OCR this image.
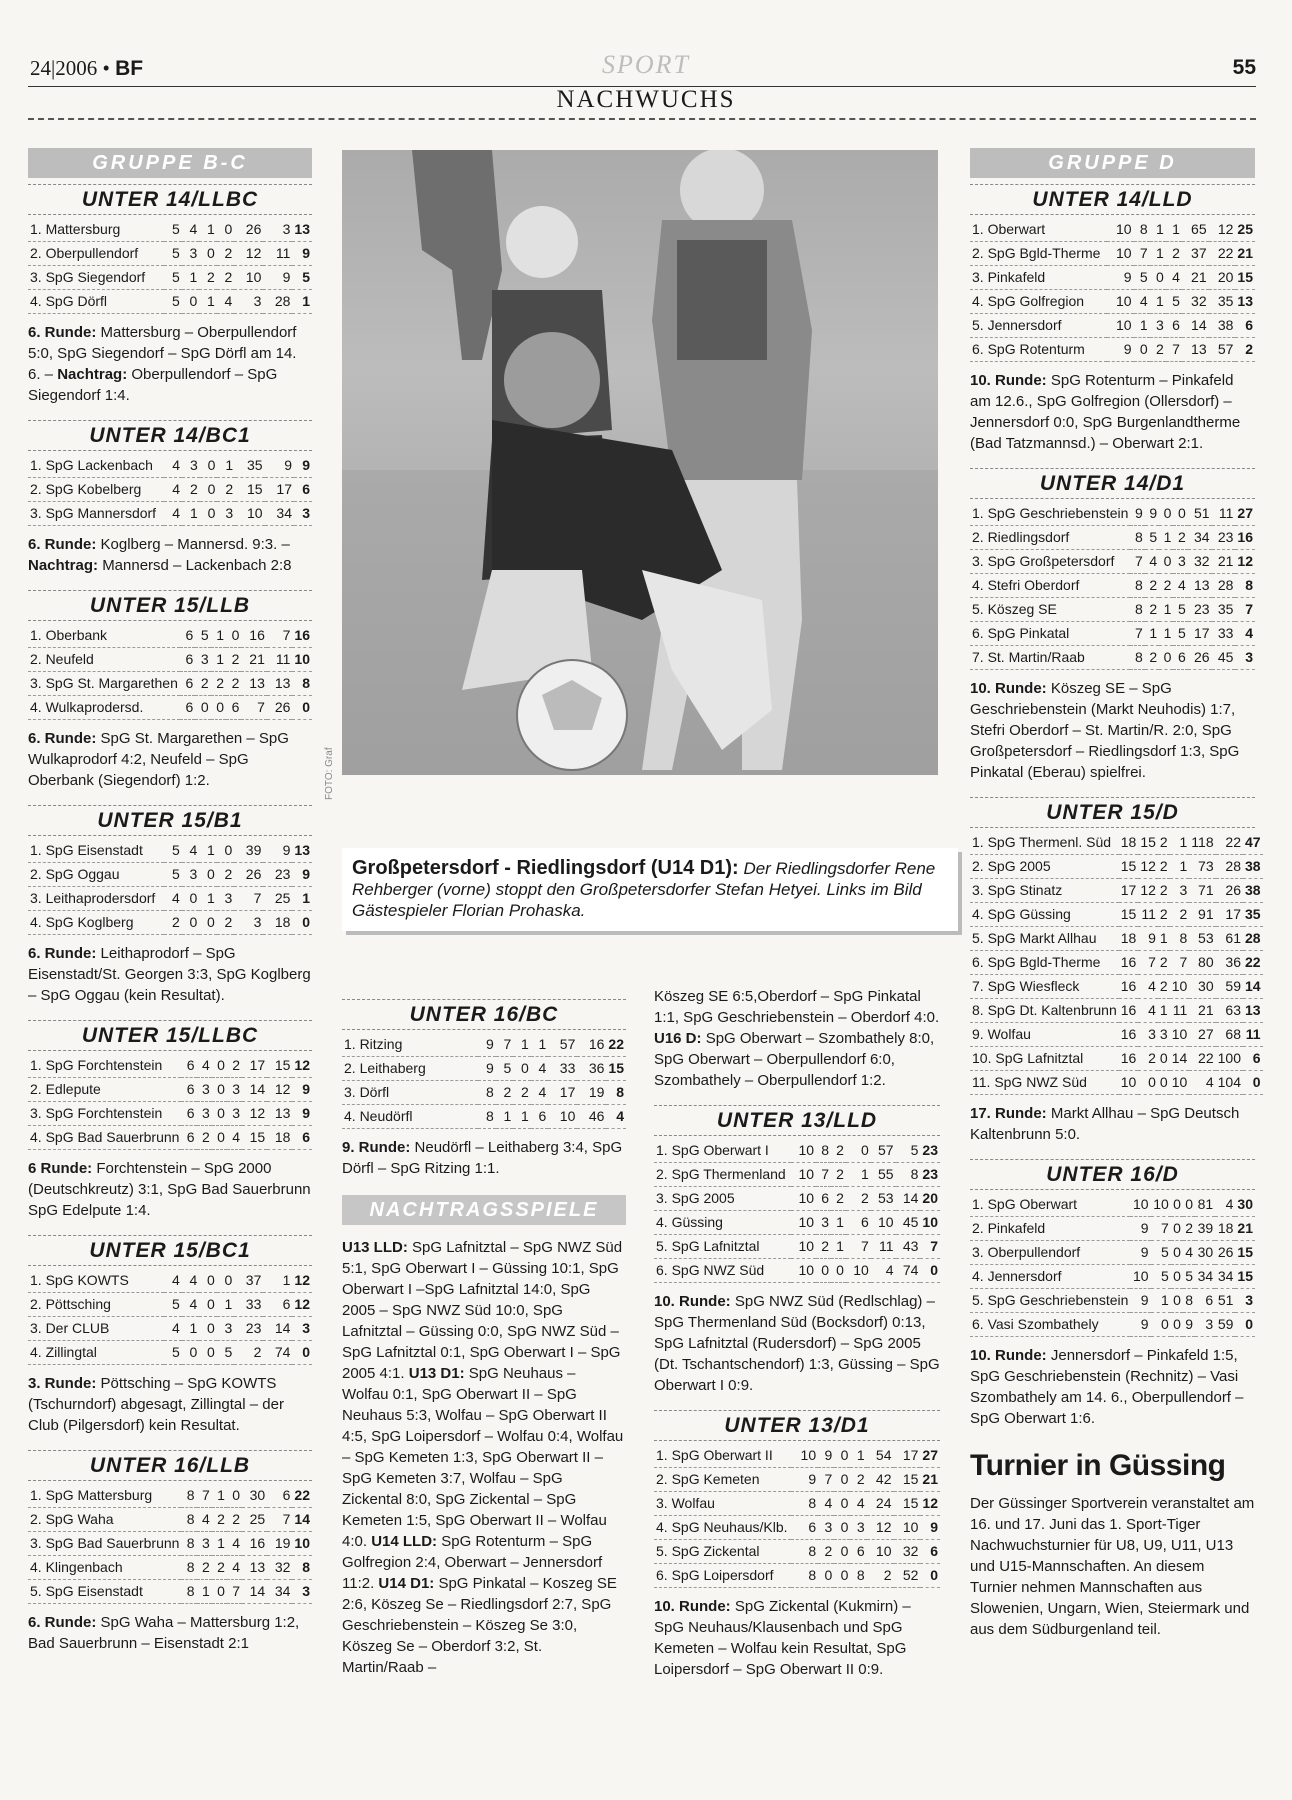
24|2006 • BF	SPORT
NACHWUCHS
55
GRUPPE B-C
UNTER 14/LLBC
1. Mattersburg	5	4	1	0	26	3	13
2. Oberpullendorf	5	3	0	2	12	11	9
3. SpG Siegendorf	5	1	2	2	10	9	5
4. SpG Dörfl	5	0	1	4	3	28	1
6. Runde: Mattersburg – Oberpullendorf 5:0, SpG Siegendorf – SpG Dörfl am 14. 6. – Nachtrag: Oberpullendorf – SpG Siegendorf 1:4.
UNTER 14/BC1
1. SpG Lackenbach	4	3	0	1	35	9	9
2. SpG Kobelberg	4	2	0	2	15	17	6
3. SpG Mannersdorf	4	1	0	3	10	34	3
6. Runde: Koglberg – Mannersd. 9:3. – Nachtrag: Mannersd – Lackenbach 2:8
UNTER 15/LLB
1. Oberbank	6	5	1	0	16	7	16
2. Neufeld	6	3	1	2	21	11	10
3. SpG St. Margarethen	6	2	2	2	13	13	8
4. Wulkaprodersd.	6	0	0	6	7	26	0
6. Runde: SpG St. Margarethen – SpG Wulkaprodorf 4:2, Neufeld – SpG Oberbank (Siegendorf) 1:2.
UNTER 15/B1
1. SpG Eisenstadt	5	4	1	0	39	9	13
2. SpG Oggau	5	3	0	2	26	23	9
3. Leithaprodersdorf	4	0	1	3	7	25	1
4. SpG Koglberg	2	0	0	2	3	18	0
6. Runde: Leithaprodorf – SpG Eisenstadt/St. Georgen 3:3, SpG Koglberg – SpG Oggau (kein Resultat).
UNTER 15/LLBC
1. SpG Forchtenstein	6	4	0	2	17	15	12
2. Edlepute	6	3	0	3	14	12	9
3. SpG Forchtenstein	6	3	0	3	12	13	9
4. SpG Bad Sauerbrunn	6	2	0	4	15	18	6
6 Runde: Forchtenstein – SpG 2000 (Deutschkreutz) 3:1, SpG Bad Sauerbrunn SpG Edelpute 1:4.
UNTER 15/BC1
1. SpG KOWTS	4	4	0	0	37	1	12
2. Pöttsching	5	4	0	1	33	6	12
3. Der CLUB	4	1	0	3	23	14	3
4. Zillingtal	5	0	0	5	2	74	0
3. Runde: Pöttsching – SpG KOWTS (Tschurndorf) abgesagt, Zillingtal – der Club (Pilgersdorf) kein Resultat.
UNTER 16/LLB
1. SpG Mattersburg	8	7	1	0	30	6	22
2. SpG Waha	8	4	2	2	25	7	14
3. SpG Bad Sauerbrunn	8	3	1	4	16	19	10
4. Klingenbach	8	2	2	4	13	32	8
5. SpG Eisenstadt	8	1	0	7	14	34	3
6. Runde: SpG Waha – Mattersburg 1:2, Bad Sauerbrunn – Eisenstadt 2:1
FOTO: Graf
Großpetersdorf - Riedlingsdorf (U14 D1): Der Riedlingsdorfer Rene Rehberger (vorne) stoppt den Großpetersdorfer Stefan Hetyei. Links im Bild Gästespieler Florian Prohaska.
UNTER 16/BC
1. Ritzing	9	7	1	1	57	16	22
2. Leithaberg	9	5	0	4	33	36	15
3. Dörfl	8	2	2	4	17	19	8
4. Neudörfl	8	1	1	6	10	46	4
9. Runde: Neudörfl – Leithaberg 3:4, SpG Dörfl – SpG Ritzing 1:1.
NACHTRAGSSPIELE
U13 LLD: SpG Lafnitztal – SpG NWZ Süd 5:1, SpG Oberwart I – Güssing 10:1, SpG Oberwart I –SpG Lafnitztal 14:0, SpG 2005 – SpG NWZ Süd 10:0, SpG Lafnitztal – Güssing 0:0, SpG NWZ Süd – SpG Lafnitztal 0:1, SpG Oberwart I – SpG 2005 4:1. U13 D1: SpG Neuhaus – Wolfau 0:1, SpG Oberwart II – SpG Neuhaus 5:3, Wolfau – SpG Oberwart II 4:5, SpG Loipersdorf – Wolfau 0:4, Wolfau – SpG Kemeten 1:3, SpG Oberwart II – SpG Kemeten 3:7, Wolfau – SpG Zickental 8:0, SpG Zickental – SpG Kemeten 1:5, SpG Oberwart II – Wolfau 4:0. U14 LLD: SpG Rotenturm – SpG Golfregion 2:4, Oberwart – Jennersdorf 11:2. U14 D1: SpG Pinkatal – Koszeg SE 2:6, Köszeg Se – Riedlingsdorf 2:7, SpG Geschriebenstein – Köszeg Se 3:0, Köszeg Se – Oberdorf 3:2, St. Martin/Raab –
Köszeg SE 6:5,Oberdorf – SpG Pinkatal 1:1, SpG Geschriebenstein – Oberdorf 4:0. U16 D: SpG Oberwart – Szombathely 8:0, SpG Oberwart – Oberpullendorf 6:0, Szombathely – Oberpullendorf 1:2.
UNTER 13/LLD
1. SpG Oberwart I	10	8	2	0	57	5	23
2. SpG Thermenland	10	7	2	1	55	8	23
3. SpG 2005	10	6	2	2	53	14	20
4. Güssing	10	3	1	6	10	45	10
5. SpG Lafnitztal	10	2	1	7	11	43	7
6. SpG NWZ Süd	10	0	0	10	4	74	0
10. Runde: SpG NWZ Süd (Redlschlag) – SpG Thermenland Süd (Bocksdorf) 0:13, SpG Lafnitztal (Rudersdorf) – SpG 2005 (Dt. Tschantschendorf) 1:3, Güssing – SpG Oberwart I 0:9.
UNTER 13/D1
1. SpG Oberwart II	10	9	0	1	54	17	27
2. SpG Kemeten	9	7	0	2	42	15	21
3. Wolfau	8	4	0	4	24	15	12
4. SpG Neuhaus/Klb.	6	3	0	3	12	10	9
5. SpG Zickental	8	2	0	6	10	32	6
6. SpG Loipersdorf	8	0	0	8	2	52	0
10. Runde: SpG Zickental (Kukmirn) – SpG Neuhaus/Klausenbach und SpG Kemeten – Wolfau kein Resultat, SpG Loipersdorf – SpG Oberwart II 0:9.
GRUPPE D
UNTER 14/LLD
1. Oberwart	10	8	1	1	65	12	25
2. SpG Bgld-Therme	10	7	1	2	37	22	21
3. Pinkafeld	9	5	0	4	21	20	15
4. SpG Golfregion	10	4	1	5	32	35	13
5. Jennersdorf	10	1	3	6	14	38	6
6. SpG Rotenturm	9	0	2	7	13	57	2
10. Runde: SpG Rotenturm – Pinkafeld am 12.6., SpG Golfregion (Ollersdorf) – Jennersdorf 0:0, SpG Burgenlandtherme (Bad Tatzmannsd.) – Oberwart 2:1.
UNTER 14/D1
1. SpG Geschriebenstein	9	9	0	0	51	11	27
2. Riedlingsdorf	8	5	1	2	34	23	16
3. SpG Großpetersdorf	7	4	0	3	32	21	12
4. Stefri Oberdorf	8	2	2	4	13	28	8
5. Köszeg SE	8	2	1	5	23	35	7
6. SpG Pinkatal	7	1	1	5	17	33	4
7. St. Martin/Raab	8	2	0	6	26	45	3
10. Runde: Köszeg SE – SpG Geschriebenstein (Markt Neuhodis) 1:7, Stefri Oberdorf – St. Martin/R. 2:0, SpG Großpetersdorf – Riedlingsdorf 1:3, SpG Pinkatal (Eberau) spielfrei.
UNTER 15/D
1. SpG Thermenl. Süd	18	15	2	1	118	22	47
2. SpG 2005	15	12	2	1	73	28	38
3. SpG Stinatz	17	12	2	3	71	26	38
4. SpG Güssing	15	11	2	2	91	17	35
5. SpG Markt Allhau	18	9	1	8	53	61	28
6. SpG Bgld-Therme	16	7	2	7	80	36	22
7. SpG Wiesfleck	16	4	2	10	30	59	14
8. SpG Dt. Kaltenbrunn	16	4	1	11	21	63	13
9. Wolfau	16	3	3	10	27	68	11
10. SpG Lafnitztal	16	2	0	14	22	100	6
11. SpG NWZ Süd	10	0	0	10	4	104	0
17. Runde: Markt Allhau – SpG Deutsch Kaltenbrunn 5:0.
UNTER 16/D
1. SpG Oberwart	10	10	0	0	81	4	30
2. Pinkafeld	9	7	0	2	39	18	21
3. Oberpullendorf	9	5	0	4	30	26	15
4. Jennersdorf	10	5	0	5	34	34	15
5. SpG Geschriebenstein	9	1	0	8	6	51	3
6. Vasi Szombathely	9	0	0	9	3	59	0
10. Runde: Jennersdorf – Pinkafeld 1:5, SpG Geschriebenstein (Rechnitz) – Vasi Szombathely am 14. 6., Oberpullendorf – SpG Oberwart 1:6.
Turnier in Güssing
Der Güssinger Sportverein veranstaltet am 16. und 17. Juni das 1. Sport-Tiger Nachwuchsturnier für U8, U9, U11, U13 und U15-Mannschaften. An diesem Turnier nehmen Mannschaften aus Slowenien, Ungarn, Wien, Steiermark und aus dem Südburgenland teil.
